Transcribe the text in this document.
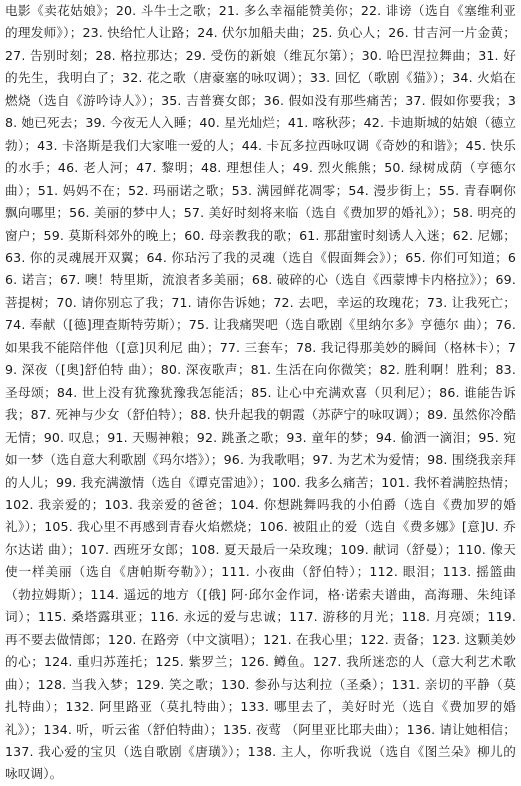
电影《卖花姑娘》；20. 斗牛士之歌；21. 多么幸福能赞美你；22. 诽谤（选自《塞维利亚的理发师》）；23. 快给忙人让路；24. 伏尔加船夫曲；25. 负心人；26. 甘吉河一片金黄；27. 告别时刻；28. 格拉那达；29. 受伤的新娘（维瓦尔第）；30. 哈巴涅拉舞曲；31. 好的先生，我明白了；32. 花之歌（唐豪塞的咏叹调）；33. 回忆（歌剧《猫》）；34. 火焰在燃烧（选自《游吟诗人》）；35. 吉普赛女郎；36. 假如没有那些痛苦；37. 假如你要我；38. 她已死去；39. 今夜无人入睡；40. 星光灿烂；41. 喀秋莎；42. 卡迪斯城的姑娘（德立勃）；43. 卡洛斯是我们大家唯一爱的人；44. 卡瓦多拉西咏叹调《奇妙的和谐》；45. 快乐的水手；46. 老人河；47. 黎明；48. 理想佳人；49. 烈火熊熊；50. 绿树成荫（亨德尔 曲）；51. 妈妈不在；52. 玛丽诺之歌；53. 满园鲜花凋零；54. 漫步街上；55. 青春啊你飘向哪里；56. 美丽的梦中人；57. 美好时刻将来临（选自《费加罗的婚礼》）；58. 明亮的窗户；59. 莫斯科郊外的晚上；60. 母亲教我的歌；61. 那甜蜜时刻诱人入迷；62. 尼娜；63. 你的灵魂展开双翼；64. 你玷污了我的灵魂（选自《假面舞会》）；65. 你们可知道；66. 诺言；67. 噢！特里斯，流浪者多美丽；68. 破碎的心（选自《西蒙博卡内格拉》）；69. 菩提树；70. 请你别忘了我；71. 请你告诉她；72. 去吧，幸运的玫瑰花；73. 让我死亡；74. 奉献（[德]理查斯特劳斯）；75. 让我痛哭吧（选自歌剧《里纳尔多》亨德尔 曲）；76. 如果我不能陪伴他（[意]贝利尼 曲）；77. 三套车；78. 我记得那美妙的瞬间（格林卡）；79. 深夜（[奥]舒伯特 曲）；80. 深夜歌声；81. 生活在向你微笑；82. 胜利啊！胜利；83. 圣母颂；84. 世上没有犹豫犹豫我怎能活；85. 让心中充满欢喜（贝利尼）；86. 谁能告诉我；87. 死神与少女（舒伯特）；88. 快升起我的朝霞（苏萨宁的咏叹调）；89. 虽然你冷酷无情；90. 叹息；91. 天赐神粮；92. 跳蚤之歌；93. 童年的梦；94. 偷洒一滴泪；95. 宛如一梦（选自意大利歌剧《玛尔塔》）；96. 为我歌唱；97. 为艺术为爱情；98. 围绕我亲拜的人儿；99. 我充满激情（选自《谭克雷迪》）；100. 我多么痛苦；101. 我怀着满腔热情；102. 我亲爱的；103. 我亲爱的爸爸；104. 你想跳舞吗我的小伯爵（选自《费加罗的婚礼》）；105. 我心里不再感到青春火焰燃烧；106. 被阻止的爱（选自《费多娜》[意]U. 乔尔达诺 曲）；107. 西班牙女郎；108. 夏天最后一朵玫瑰；109. 献词（舒曼）；110. 像天使一样美丽（选自《唐帕斯夸勒》）；111. 小夜曲（舒伯特）；112. 眼泪；113. 摇篮曲（勃拉姆斯）；114. 遥远的地方（[俄] 阿·邱尔金作词，格·诺索夫谱曲，高海珊、朱纯译词）；115. 桑塔露琪亚；116. 永远的爱与忠诚；117. 游移的月光；118. 月亮颂；119. 再不要去做情郎；120. 在路旁（中文演唱）；121. 在我心里；122. 责备；123. 这颗美妙的心；124. 重归苏莲托；125. 紫罗兰；126. 鳟鱼。127. 我所迷恋的人（意大利艺术歌曲）；128. 当我入梦；129. 笑之歌；130. 参孙与达利拉（圣桑）；131. 亲切的平静（莫扎特曲）；132. 阿里路亚（莫扎特曲）；133. 哪里去了，美好时光（选自《费加罗的婚礼》）；134. 听，听云雀（舒伯特曲）；135. 夜莺 （阿里亚比耶夫曲）；136. 请让她相信；137. 我心爱的宝贝（选自歌剧《唐璜》）；138. 主人，你听我说（选自《图兰朵》柳儿的咏叹调）。
